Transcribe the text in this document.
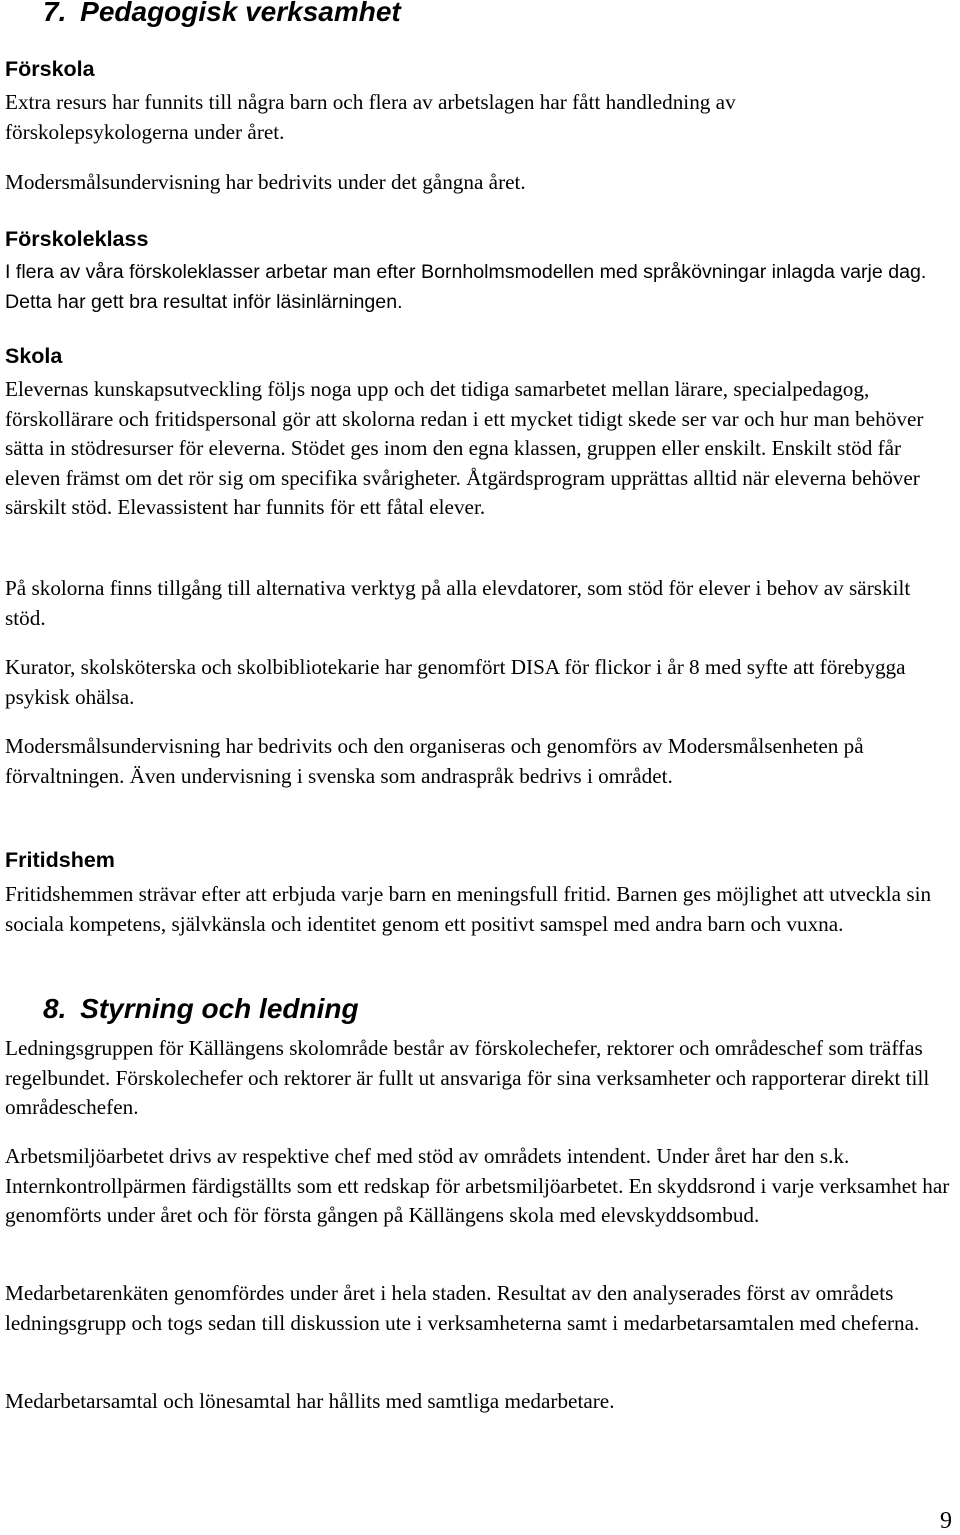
7. Pedagogisk verksamhet
Förskola

Extra resurs har funnits till några barn och flera av arbetslagen har fått handledning av förskolepsykologerna under året.

Modersmålsundervisning har bedrivits under det gångna året.

Förskoleklass

I flera av våra förskoleklasser arbetar man efter Bornholmsmodellen med språkövningar inlagda varje dag. Detta har gett bra resultat inför läsinlärningen.

Skola

Elevernas kunskapsutveckling följs noga upp och det tidiga samarbetet mellan lärare, specialpedagog, förskollärare och fritidspersonal gör att skolorna redan i ett mycket tidigt skede ser var och hur man behöver sätta in stödresurser för eleverna. Stödet ges inom den egna klassen, gruppen eller enskilt. Enskilt stöd får eleven främst om det rör sig om specifika svårigheter. Åtgärdsprogram upprättas alltid när eleverna behöver särskilt stöd. Elevassistent har funnits för ett fåtal elever.

På skolorna finns tillgång till alternativa verktyg på alla elevdatorer, som stöd för elever i behov av särskilt stöd.

Kurator, skolsköterska och skolbibliotekarie har genomfört DISA för flickor i år 8 med syfte att förebygga psykisk ohälsa.

Modersmålsundervisning har bedrivits och den organiseras och genomförs av Modersmålsenheten på förvaltningen. Även undervisning i svenska som andraspråk bedrivs i området.

Fritidshem

Fritidshemmen strävar efter att erbjuda varje barn en meningsfull fritid. Barnen ges möjlighet att utveckla sin sociala kompetens, självkänsla och identitet genom ett positivt samspel med andra barn och vuxna.

8. Styrning och ledning

Ledningsgruppen för Källängens skolområde består av förskolechefer, rektorer och områdeschef som träffas regelbundet. Förskolechefer och rektorer är fullt ut ansvariga för sina verksamheter och rapporterar direkt till områdeschefen.

Arbetsmiljöarbetet drivs av respektive chef med stöd av områdets intendent. Under året har den s.k. Internkontrollpärmen färdigställts som ett redskap för arbetsmiljöarbetet. En skyddsrond i varje verksamhet har genomförts under året och för första gången på Källängens skola med elevskyddsombud.

Medarbetarenkäten genomfördes under året i hela staden. Resultat av den analyserades först av områdets ledningsgrupp och togs sedan till diskussion ute i verksamheterna samt i medarbetarsamtalen med cheferna.

Medarbetarsamtal och lönesamtal har hållits med samtliga medarbetare.

9
